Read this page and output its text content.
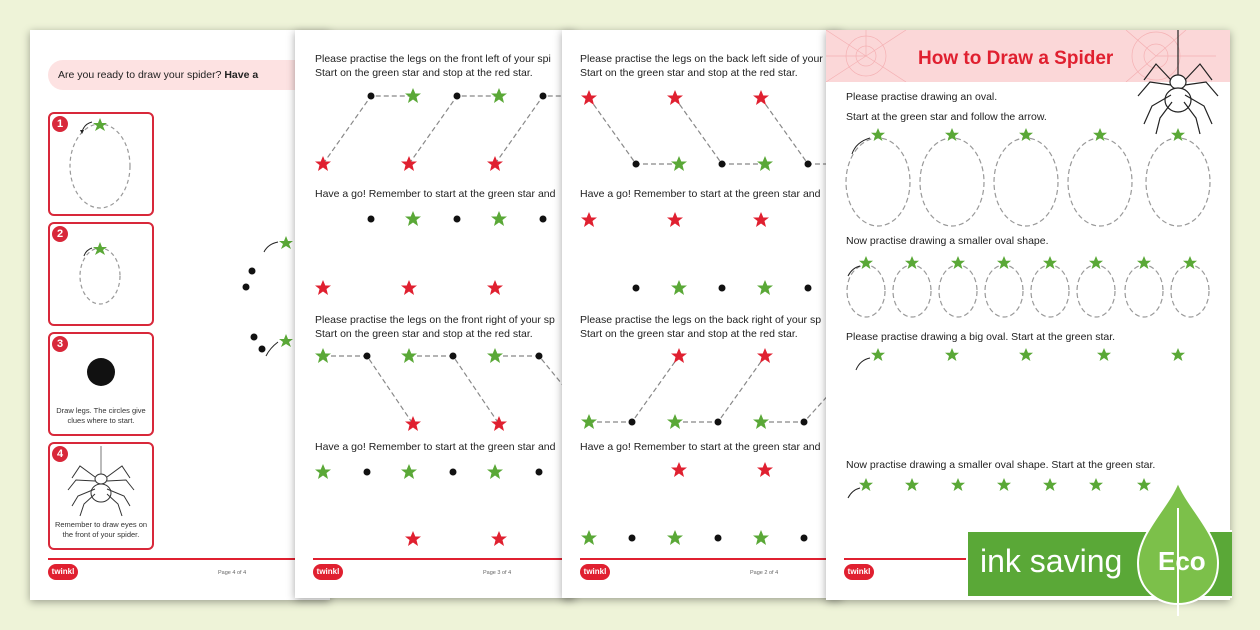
Are you ready to draw your spider? Have a
1
2
3
Draw legs. The circles give clues where to start.
4
Remember to draw eyes on the front of your spider.
twinkl	Page 4 of 4
Please practise the legs on the front left of your spi
Start on the green star and stop at the red star.
Have a go! Remember to start at the green star and
Please practise the legs on the front right of your sp
Start on the green star and stop at the red star.
Have a go! Remember to start at the green star and
twinkl	Page 3 of 4
Please practise the legs on the back left side of your
Start on the green star and stop at the red star.
Have a go! Remember to start at the green star and
Please practise the legs on the back right of your sp
Start on the green star and stop at the red star.
Have a go! Remember to start at the green star and
twinkl	Page 2 of 4
How to Draw a Spider
Please practise drawing an oval.
Start at the green star and follow the arrow.
Now practise drawing a smaller oval shape.
Please practise drawing a big oval. Start at the green star.
Now practise drawing a smaller oval shape. Start at the green star.
twinkl	ink saving Eco
